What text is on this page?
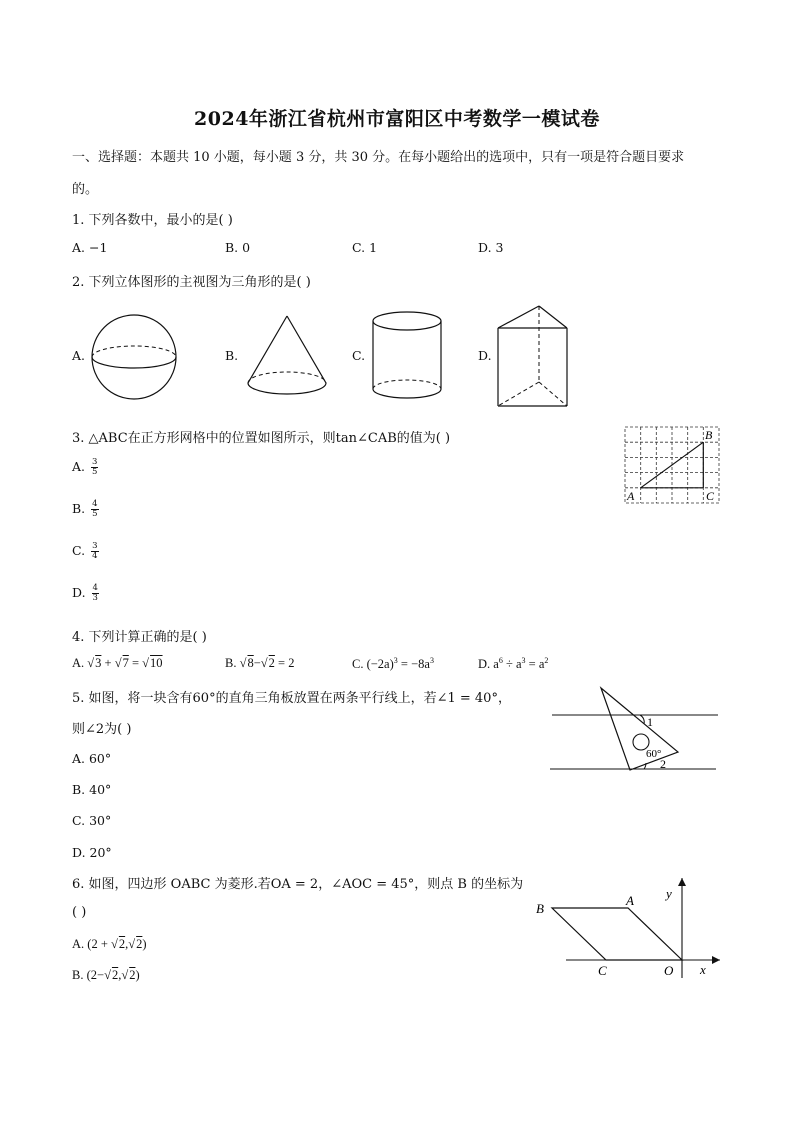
2024年浙江省杭州市富阳区中考数学一模试卷
一、选择题：本题共 10 小题，每小题 3 分，共 30 分。在每小题给出的选项中，只有一项是符合题目要求
的。
1. 下列各数中，最小的是( )
A. −1	B. 0	C. 1	D. 3
2. 下列立体图形的主视图为三角形的是( )
A.	B.	C.	D.
3. △ABC在正方形网格中的位置如图所示，则tan∠CAB的值为( )
A. $\frac{3}{5}$
B. $\frac{4}{5}$
C. $\frac{3}{4}$
D. $\frac{4}{3}$
A
B
C
4. 下列计算正确的是( )
A. √3 + √7 = √10	B. √8−√2 = 2	C. $(-2a)^3 = -8a^3$	D. $a^6 \div a^3 = a^2$
5. 如图，将一块含有60°的直角三角板放置在两条平行线上，若∠1 = 40°，
则∠2为( )
A. 60°
B. 40°
C. 30°
D. 20°
1
60°
2
6. 如图，四边形 OABC 为菱形.若OA = 2，∠AOC = 45°，则点 B 的坐标为
( )
A. (2 + √2,√2)
B. (2−√2,√2)
B
A
C	O x
y
